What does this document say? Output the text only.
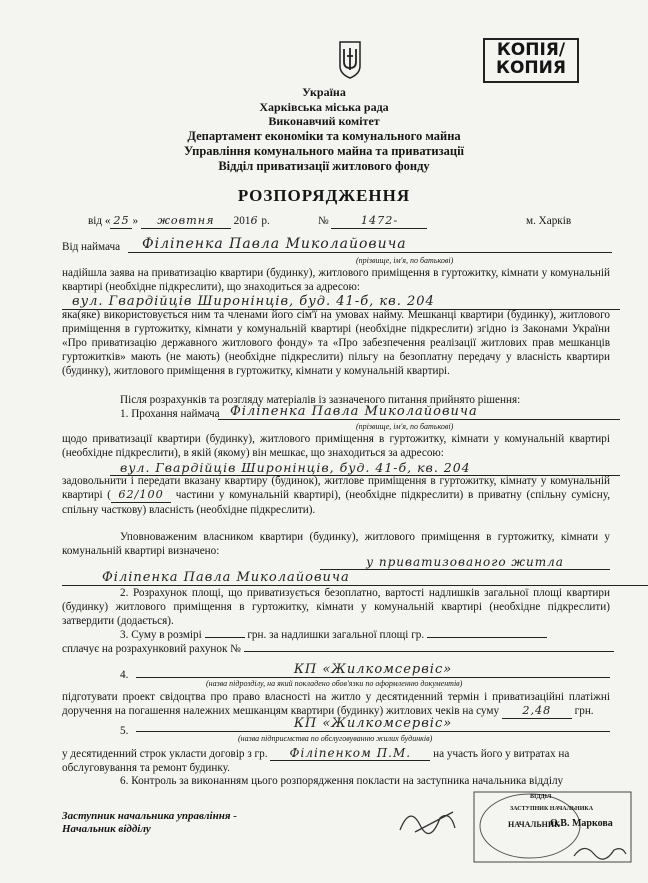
КОПІЯ/
КОПИЯ
Україна
Харківська міська рада
Виконавчий комітет
Департамент економіки та комунального майна
Управління комунального майна та приватизації
Відділ приватизації житлового фонду
РОЗПОРЯДЖЕННЯ
від « 25 » жовтня 2016 р.	№	1472-	м. Харків
Від наймача	Філіпенка Павла Миколайовича
(прізвище, ім'я, по батькові)
надійшла заява на приватизацію квартири (будинку), житлового приміщення в гуртожитку, кімнати у комунальній квартирі (необхідне підкреслити), що знаходиться за адресою:
вул. Гвардійців Широнінців, буд. 41-б, кв. 204
яка(яке) використовується ним та членами його сім'ї на умовах найму. Мешканці квартири (будинку), житлового приміщення в гуртожитку, кімнати у комунальній квартирі (необхідне підкреслити) згідно із Законами України «Про приватизацію державного житлового фонду» та «Про забезпечення реалізації житлових прав мешканців гуртожитків» мають (не мають) (необхідне підкреслити) пільгу на безоплатну передачу у власність квартири (будинку), житлового приміщення в гуртожитку, кімнати у комунальній квартирі.
Після розрахунків та розгляду матеріалів із зазначеного питання прийнято рішення:
1. Прохання наймача Філіпенка Павла Миколайовича
(прізвище, ім'я, по батькові)
щодо приватизації квартири (будинку), житлового приміщення в гуртожитку, кімнати у комунальній квартирі (необхідне підкреслити), в якій (якому) він мешкає, що знаходиться за адресою:
вул. Гвардійців Широнінців, буд. 41-б, кв. 204
задовольнити і передати вказану квартиру (будинок), житлове приміщення в гуртожитку, кімнату у комунальній квартирі ( 62/100 частини у комунальній квартирі), (необхідне підкреслити) в приватну (спільну сумісну, спільну часткову) власність (необхідне підкреслити).
Уповноваженим власником квартири (будинку), житлового приміщення в гуртожитку, кімнати у комунальній квартирі визначено:
у приватизованого житла
Філіпенка Павла Миколайовича
2. Розрахунок площі, що приватизується безоплатно, вартості надлишків загальної площі квартири (будинку) житлового приміщення в гуртожитку, кімнати у комунальній квартирі (необхідне підкреслити) затвердити (додається).
3. Суму в розмірі	грн. за надлишки загальної площі гр.
сплачує на розрахунковий рахунок №
4.	КП «Жилкомсервіс»
(назва підрозділу, на який покладено обов'язки по оформленню документів)
підготувати проект свідоцтва про право власності на житло у десятиденний термін і приватизаційні платіжні доручення на погашення належних мешканцям квартири (будинку) житлових чеків на суму 2,48 грн.
5.	КП «Жилкомсервіс»
(назва підприємства по обслуговуванню жилих будинків)
у десятиденний строк укласти договір з гр. Філіпенком П.М. на участь його у витратах на обслуговування та ремонт будинку.
6. Контроль за виконанням цього розпорядження покласти на заступника начальника відділу
Заступник начальника управління -
Начальник відділу
ВІДДІЛ
ЗАСТУПНИК НАЧАЛЬНИКА
НАЧАЛЬНИК
О.В. Маркова
